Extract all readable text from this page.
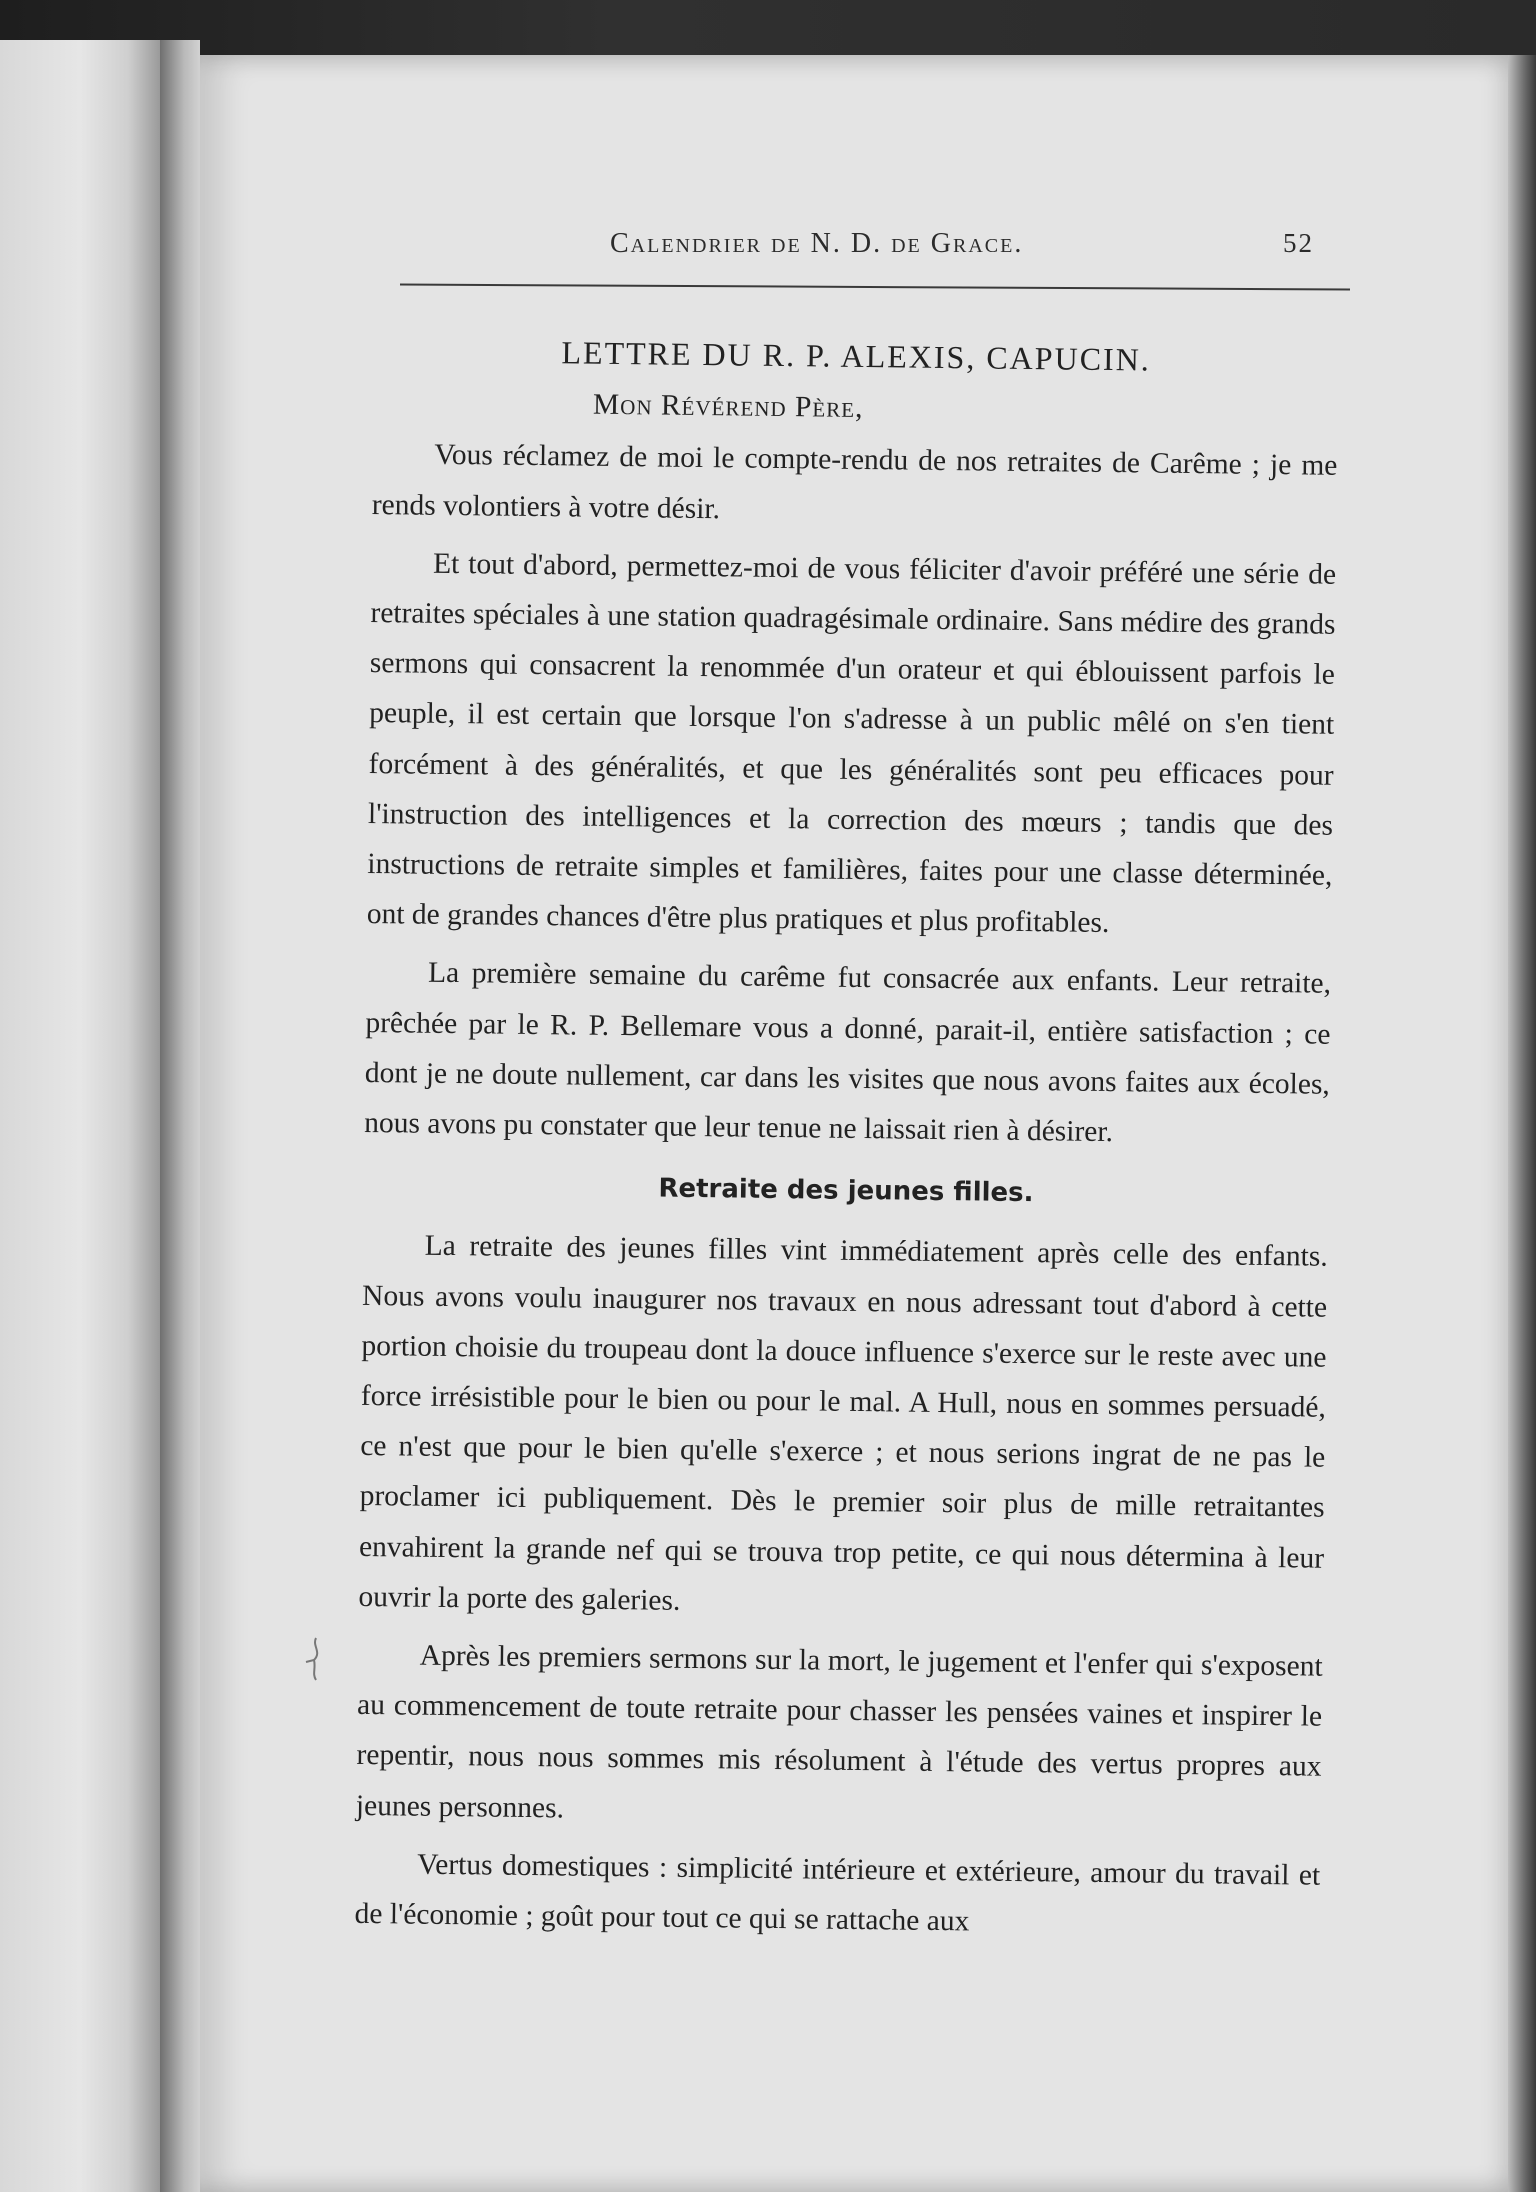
Calendrier de N. D. de Grace.	52

LETTRE DU R. P. ALEXIS, CAPUCIN.

Mon Révérend Père,

Vous réclamez de moi le compte-rendu de nos retraites de Carême ; je me rends volontiers à votre désir.

Et tout d'abord, permettez-moi de vous féliciter d'avoir préféré une série de retraites spéciales à une station quadragésimale ordinaire. Sans médire des grands sermons qui consacrent la renommée d'un orateur et qui éblouissent parfois le peuple, il est certain que lorsque l'on s'adresse à un public mêlé on s'en tient forcément à des généralités, et que les généralités sont peu efficaces pour l'instruction des intelligences et la correction des mœurs ; tandis que des instructions de retraite simples et familières, faites pour une classe déterminée, ont de grandes chances d'être plus pratiques et plus profitables.

La première semaine du carême fut consacrée aux enfants. Leur retraite, prêchée par le R. P. Bellemare vous a donné, parait-il, entière satisfaction ; ce dont je ne doute nullement, car dans les visites que nous avons faites aux écoles, nous avons pu constater que leur tenue ne laissait rien à désirer.

Retraite des jeunes filles.

La retraite des jeunes filles vint immédiatement après celle des enfants. Nous avons voulu inaugurer nos travaux en nous adressant tout d'abord à cette portion choisie du troupeau dont la douce influence s'exerce sur le reste avec une force irrésistible pour le bien ou pour le mal. A Hull, nous en sommes persuadé, ce n'est que pour le bien qu'elle s'exerce ; et nous serions ingrat de ne pas le proclamer ici publiquement. Dès le premier soir plus de mille retraitantes envahirent la grande nef qui se trouva trop petite, ce qui nous détermina à leur ouvrir la porte des galeries.

Après les premiers sermons sur la mort, le jugement et l'enfer qui s'exposent au commencement de toute retraite pour chasser les pensées vaines et inspirer le repentir, nous nous sommes mis résolument à l'étude des vertus propres aux jeunes personnes.

Vertus domestiques : simplicité intérieure et extérieure, amour du travail et de l'économie ; goût pour tout ce qui se rattache aux
